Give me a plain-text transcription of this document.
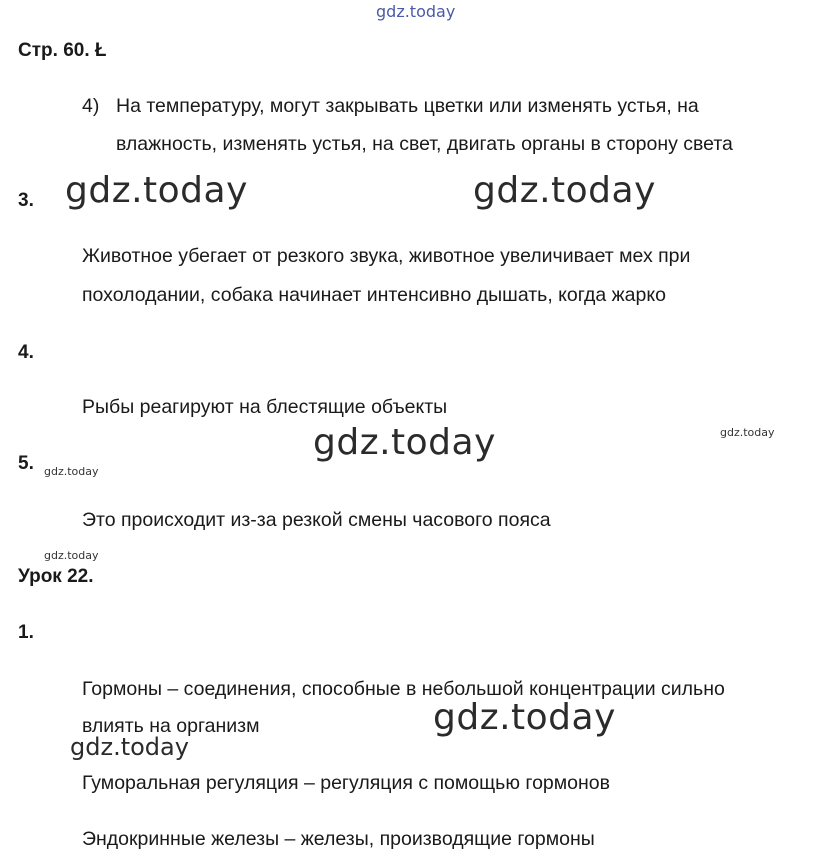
gdz.today
Стр. 60. Ł
4) На температуру, могут закрывать цветки или изменять устья, на
влажность, изменять устья, на свет, двигать органы в сторону света
3. gdz.today	gdz.today
Животное убегает от резкого звука, животное увеличивает мех при
похолодании, собака начинает интенсивно дышать, когда жарко
4.
Рыбы реагируют на блестящие объекты
gdz.today
gdz.today
5. gdz.today
Это происходит из-за резкой смены часового пояса
gdz.today
Урок 22.
1.
Гормоны – соединения, способные в небольшой концентрации сильно
влиять на организм	gdz.today
gdz.today
Гуморальная регуляция – регуляция с помощью гормонов
Эндокринные железы – железы, производящие гормоны
